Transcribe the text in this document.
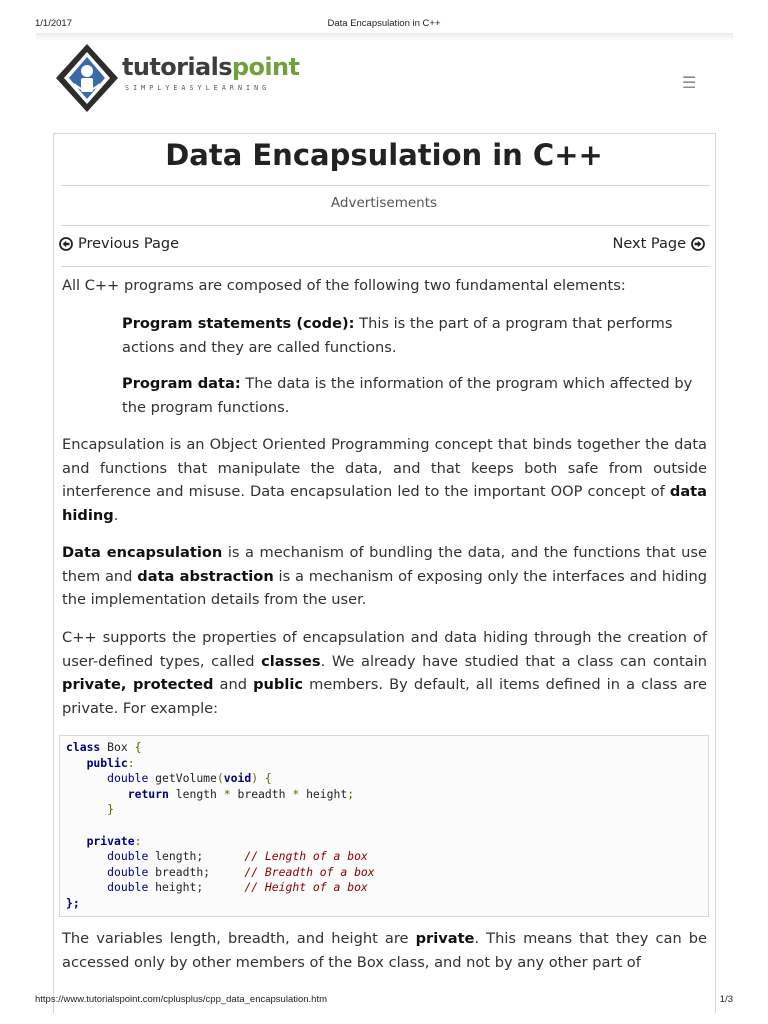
1/1/2017	Data Encapsulation in C++
tutorialspoint
SIMPLYEASYLEARNING	☰
Data Encapsulation in C++
Advertisements
Previous Page	Next Page

All C++ programs are composed of the following two fundamental elements:

Program statements (code): This is the part of a program that performs actions and they are called functions.

Program data: The data is the information of the program which affected by the program functions.

Encapsulation is an Object Oriented Programming concept that binds together the data and functions that manipulate the data, and that keeps both safe from outside interference and misuse. Data encapsulation led to the important OOP concept of data hiding.

Data encapsulation is a mechanism of bundling the data, and the functions that use them and data abstraction is a mechanism of exposing only the interfaces and hiding the implementation details from the user.

C++ supports the properties of encapsulation and data hiding through the creation of user-defined types, called classes. We already have studied that a class can contain private, protected and public members. By default, all items defined in a class are private. For example:

class Box {
public:
double getVolume(void) {
return length * breadth * height;
}

private:
double length;	// Length of a box
double breadth;	// Breadth of a box
double height;	// Height of a box
};

The variables length, breadth, and height are private. This means that they can be accessed only by other members of the Box class, and not by any other part of

https://www.tutorialspoint.com/cplusplus/cpp_data_encapsulation.htm	1/3
